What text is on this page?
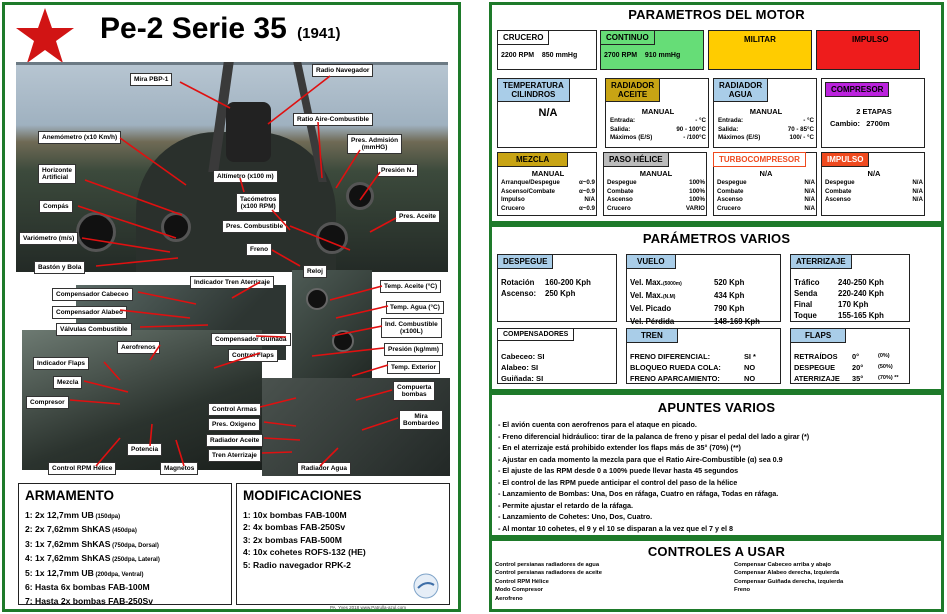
Pe-2 Serie 35 (1941)
Mira PBP-1
Radio Navegador
Ratio Aire-Combustible
Anemómetro (x10 Km/h)	Pres. Admisión
(mmHG)
Horizonte
Artificial	Altímetro (x100 m)
Presión N₂
Compás
Tacómetros
(x100 RPM)
Pres. Aceite
Pres. Combustible
Variómetro (m/s)
Freno
Bastón y Bola
Reloj
Indicador Tren Aterrizaje
Temp. Aceite (°C)
Compensador Cabeceo
Temp. Agua (°C)
Compensador Alabeo
Ind. Combustible
(x100L)
Válvulas Combustible
Compensador Guiñada
Aerofrenos	Presión (kg/mm)
Indicador Flaps
Control Flaps
Temp. Exterior
Mezcla
Compuerta
bombas
Compresor
Control Armas
Pres. Oxigeno
Mira
Bombardeo
Radiador Aceite
Potencia
Tren Aterrizaje
Control RPM Hélice	Magnetos	Radiador Agua
ARMAMENTO
1: 2x 12,7mm UB (150dpa)
2: 2x 7,62mm ShKAS (450dpa)
3: 1x 7,62mm ShKAS (750dpa, Dorsal)
4: 1x 7,62mm ShKAS (250dpa, Lateral)
5: 1x 12,7mm UB (200dpa, Ventral)
6: Hasta 6x bombas FAB-100M
7: Hasta 2x bombas FAB-250Sv
MODIFICACIONES
1: 10x bombas FAB-100M
2: 4x bombas FAB-250Sv
3: 2x bombas FAB-500M
4: 10x cohetes ROFS-132 (HE)
5: Radio navegador RPK-2
PA_Yves 2018 www.Patrulla-azul.com
PARAMETROS DEL MOTOR
CRUCERO
2200 RPM 850 mmHg
CONTINUO
2700 RPM 910 mmHg
MILITAR	IMPULSO
TEMPERATURA
CILINDROS
N/A
RADIADOR
ACEITE
MANUAL
Entrada:	- °C
Salida:	90 - 100°C
Máximos (E/S)	- /100°C
RADIADOR
AGUA
MANUAL
Entrada:	- °C
Salida:	70 - 85°C
Máximos (E/S)	100/ - °C
COMPRESOR
2 ETAPAS
Cambio: 2700m
MEZCLA
MANUAL
Arranque/Despegue	α~0.9
Ascenso/Combate	α~0.9
Impulso	N/A
Crucero	α~0.9
PASO HÉLICE
MANUAL
Despegue	100%
Combate	100%
Ascenso	100%
Crucero	VARIO
TURBOCOMPRESOR
N/A
Despegue	N/A
Combate	N/A
Ascenso	N/A
Crucero	N/A
IMPULSO
N/A
Despegue	N/A
Combate	N/A
Ascenso	N/A
PARÁMETROS VARIOS
DESPEGUE
Rotación	160-200 Kph
Ascenso:	250 Kph
VUELO
Vel. Max.(5000m)	520 Kph
Vel. Max.(N.M)	434 Kph
Vel. Picado	790 Kph
Vel. Pérdida	148-169 Kph
ATERRIZAJE
Tráfico	240-250 Kph
Senda	220-240 Kph
Final	170 Kph
Toque	155-165 Kph
COMPENSADORES
Cabeceo: SI
Alabeo: SI
Guiñada: SI
TREN
FRENO DIFERENCIAL:	SI *
BLOQUEO RUEDA COLA:	NO
FRENO APARCAMIENTO:	NO
FLAPS
RETRAÍDOS	0°	(0%)
DESPEGUE	20°	(50%)
ATERRIZAJE	35°	(70%) **
APUNTES VARIOS
- El avión cuenta con aerofrenos para el ataque en picado.
- Freno diferencial hidráulico: tirar de la palanca de freno y pisar el pedal del lado a girar (*)
- En el aterrizaje está prohibido extender los flaps más de 35° (70%) (**)
- Ajustar en cada momento la mezcla para que el Ratio Aire-Combustible (α) sea 0.9
- El ajuste de las RPM desde 0 a 100% puede llevar hasta 45 segundos
- El control de las RPM puede anticipar el control del paso de la hélice
- Lanzamiento de Bombas: Una, Dos en ráfaga, Cuatro en ráfaga, Todas en ráfaga.
- Permite ajustar el retardo de la ráfaga.
- Lanzamiento de Cohetes: Uno, Dos, Cuatro.
- Al montar 10 cohetes, el 9 y el 10 se disparan a la vez que el 7 y el 8
CONTROLES A USAR
Control persianas radiadores de agua
Control persianas radiadores de aceite
Control RPM Hélice
Modo Compresor
Aerofreno
Compensar Cabeceo arriba y abajo
Compensar Alabeo derecha, Izquierda
Compensar Guiñada derecha, izquierda
Freno
